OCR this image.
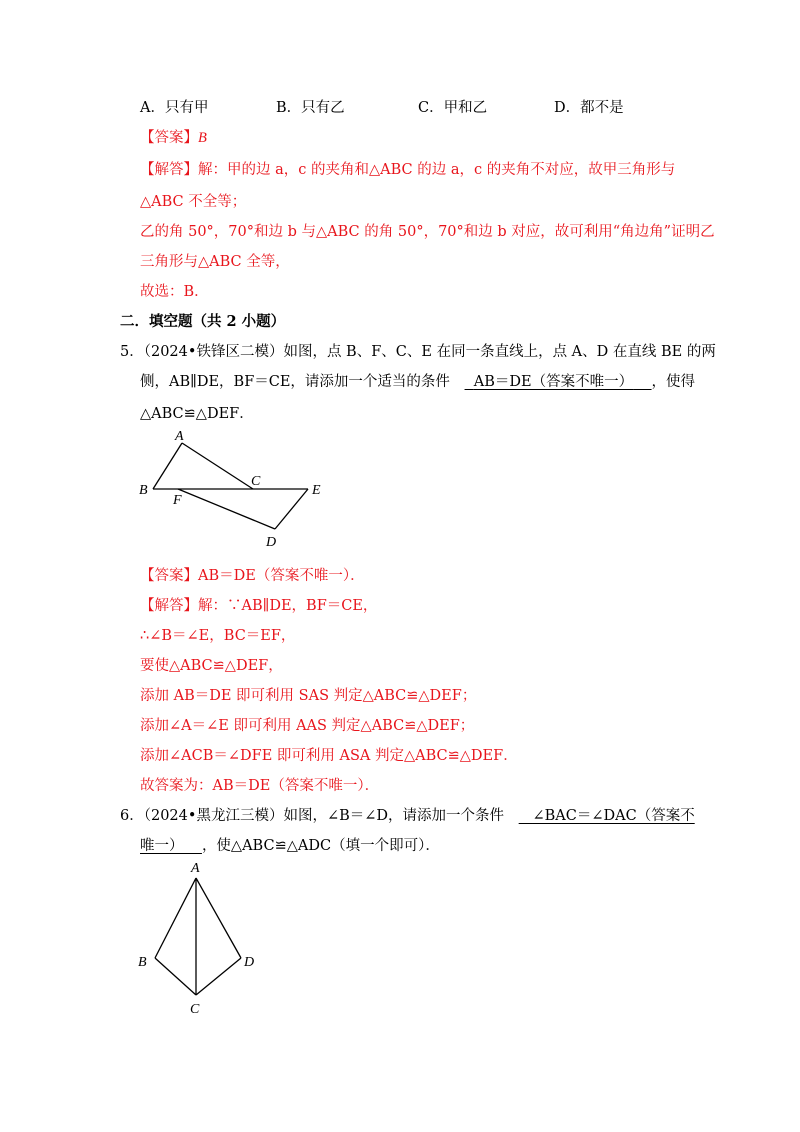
A．只有甲	B．只有乙	C．甲和乙	D．都不是
【答案】B
【解答】解：甲的边 a，c 的夹角和△ABC 的边 a，c 的夹角不对应，故甲三角形与
△ABC 不全等；
乙的角 50°，70°和边 b 与△ABC 的角 50°，70°和边 b 对应，故可利用“角边角”证明乙
三角形与△ABC 全等，
故选：B．
二．填空题（共 2 小题）
5．（2024•铁锋区二模）如图，点 B、F、C、E 在同一条直线上，点 A、D 在直线 BE 的两
侧，AB∥DE，BF＝CE，请添加一个适当的条件 AB＝DE（答案不唯一） ，使得
△ABC≌△DEF．
A
B
F
C
E
D
【答案】AB＝DE（答案不唯一）．
【解答】解：∵AB∥DE，BF＝CE，
∴∠B＝∠E，BC＝EF，
要使△ABC≌△DEF，
添加 AB＝DE 即可利用 SAS 判定△ABC≌△DEF；
添加∠A＝∠E 即可利用 AAS 判定△ABC≌△DEF；
添加∠ACB＝∠DFE 即可利用 ASA 判定△ABC≌△DEF．
故答案为：AB＝DE（答案不唯一）．
6．（2024•黑龙江三模）如图，∠B＝∠D，请添加一个条件 ∠BAC＝∠DAC（答案不
唯一） ，使△ABC≌△ADC（填一个即可）．
A
B	D
C
